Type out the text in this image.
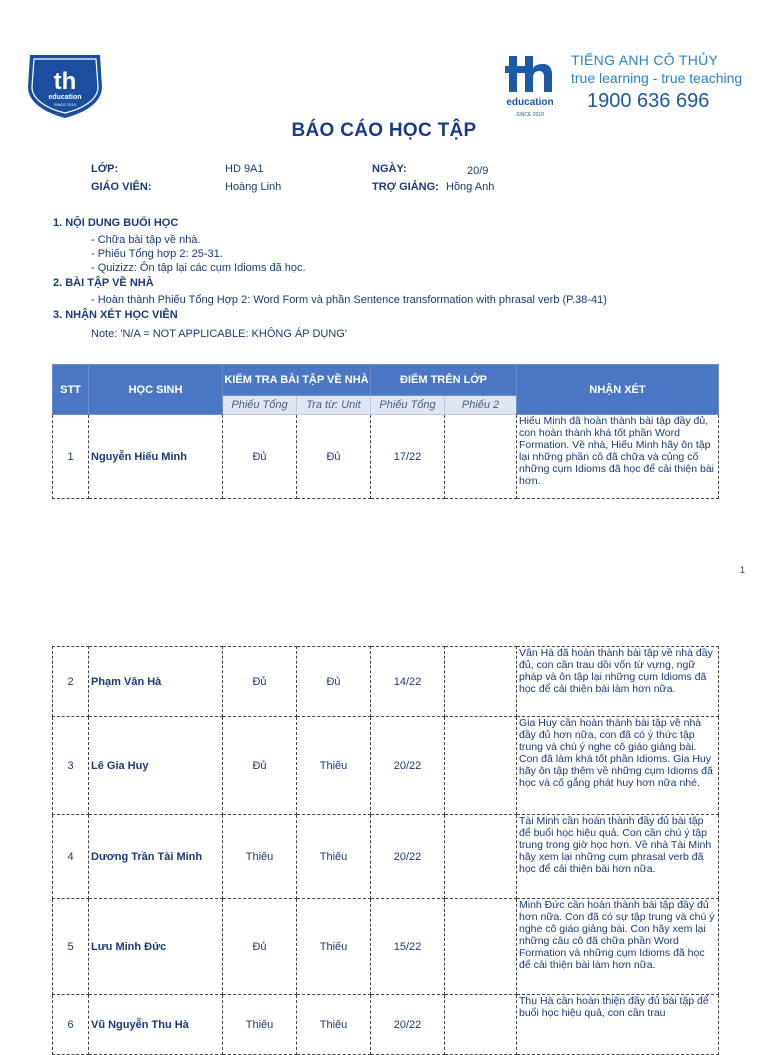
th
education
SINCE 2010	education
SINCE 2010
TIẾNG ANH CÔ THỦY
true learning - true teaching
1900 636 696
BÁO CÁO HỌC TẬP
LỚP:	HD 9A1	NGÀY:	20/9
GIÁO VIÊN:	Hoàng Linh	TRỢ GIẢNG: Hồng Anh
1. NỘI DUNG BUỔI HỌC
- Chữa bài tập về nhà.
- Phiếu Tổng hợp 2: 25-31.
- Quizizz: Ôn tập lại các cụm Idioms đã học.
2. BÀI TẬP VỀ NHÀ
- Hoàn thành Phiếu Tổng Hợp 2: Word Form và phần Sentence transformation with phrasal verb (P.38-41)
3. NHẬN XÉT HỌC VIÊN
Note: 'N/A = NOT APPLICABLE: KHÔNG ÁP DỤNG'
STT	HỌC SINH	KIỂM TRA BÀI TẬP VỀ NHÀ		ĐIỂM TRÊN LỚP		NHẬN XÉT
		Phiếu Tổng	Tra từ: Unit	Phiếu Tổng	Phiếu 2	
1	Nguyễn Hiếu Minh	Đủ	Đủ	17/22		Hiếu Minh đã hoàn thành bài tập đầy đủ, con hoàn thành khá tốt phần Word Formation. Về nhà, Hiếu Minh hãy ôn tập lại những phần cô đã chữa và củng cố những cụm Idioms đã học để cải thiện bài hơn.
1
2	Phạm Vân Hà	Đủ	Đủ	14/22		Vân Hà đã hoàn thành bài tập về nhà đầy đủ, con cần trau dồi vốn từ vựng, ngữ pháp và ôn tập lại những cụm Idioms đã học để cải thiện bài làm hơn nữa.
3	Lê Gia Huy	Đủ	Thiếu	20/22		Gia Huy cần hoàn thành bài tập về nhà đầy đủ hơn nữa, con đã có ý thức tập trung và chú ý nghe cô giáo giảng bài. Con đã làm khá tốt phần Idioms. Gia Huy hãy ôn tập thêm về những cụm Idioms đã học và cố gắng phát huy hơn nữa nhé.
4	Dương Trần Tài Minh	Thiếu	Thiếu	20/22		Tài Minh cần hoàn thành đầy đủ bài tập để buổi học hiệu quả. Con cần chú ý tập trung trong giờ học hơn. Về nhà Tài Minh hãy xem lại những cụm phrasal verb đã học để cải thiện bài hơn nữa.
5	Lưu Minh Đức	Đủ	Thiếu	15/22		Minh Đức cần hoàn thành bài tập đầy đủ hơn nữa. Con đã có sự tập trung và chú ý nghe cô giáo giảng bài. Con hãy xem lại những câu cô đã chữa phần Word Formation và những cụm Idioms đã học để cải thiện bài làm hơn nữa.
6	Vũ Nguyễn Thu Hà	Thiếu	Thiếu	20/22		Thu Hà cần hoàn thiện đầy đủ bài tập để buổi học hiệu quả, con cần trau
